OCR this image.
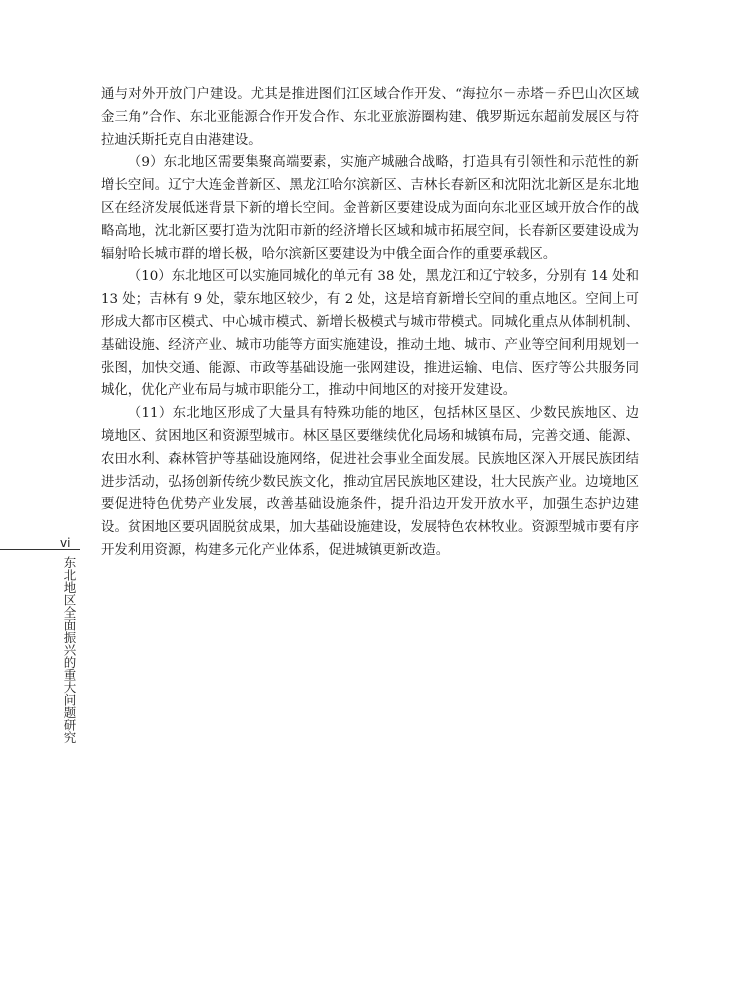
通与对外开放门户建设。尤其是推进图们江区域合作开发、“海拉尔－赤塔－乔巴山次区域金三角”合作、东北亚能源合作开发合作、东北亚旅游圈构建、俄罗斯远东超前发展区与符拉迪沃斯托克自由港建设。

（9）东北地区需要集聚高端要素，实施产城融合战略，打造具有引领性和示范性的新增长空间。辽宁大连金普新区、黑龙江哈尔滨新区、吉林长春新区和沈阳沈北新区是东北地区在经济发展低迷背景下新的增长空间。金普新区要建设成为面向东北亚区域开放合作的战略高地，沈北新区要打造为沈阳市新的经济增长区域和城市拓展空间，长春新区要建设成为辐射哈长城市群的增长极，哈尔滨新区要建设为中俄全面合作的重要承载区。

（10）东北地区可以实施同城化的单元有 38 处，黑龙江和辽宁较多，分别有 14 处和 13 处；吉林有 9 处，蒙东地区较少，有 2 处，这是培育新增长空间的重点地区。空间上可形成大都市区模式、中心城市模式、新增长极模式与城市带模式。同城化重点从体制机制、基础设施、经济产业、城市功能等方面实施建设，推动土地、城市、产业等空间利用规划一张图，加快交通、能源、市政等基础设施一张网建设，推进运输、电信、医疗等公共服务同城化，优化产业布局与城市职能分工，推动中间地区的对接开发建设。

（11）东北地区形成了大量具有特殊功能的地区，包括林区垦区、少数民族地区、边境地区、贫困地区和资源型城市。林区垦区要继续优化局场和城镇布局，完善交通、能源、农田水利、森林管护等基础设施网络，促进社会事业全面发展。民族地区深入开展民族团结进步活动，弘扬创新传统少数民族文化，推动宜居民族地区建设，壮大民族产业。边境地区要促进特色优势产业发展，改善基础设施条件，提升沿边开发开放水平，加强生态护边建设。贫困地区要巩固脱贫成果，加大基础设施建设，发展特色农林牧业。资源型城市要有序开发利用资源，构建多元化产业体系，促进城镇更新改造。

vi
东北地区全面振兴的重大问题研究
